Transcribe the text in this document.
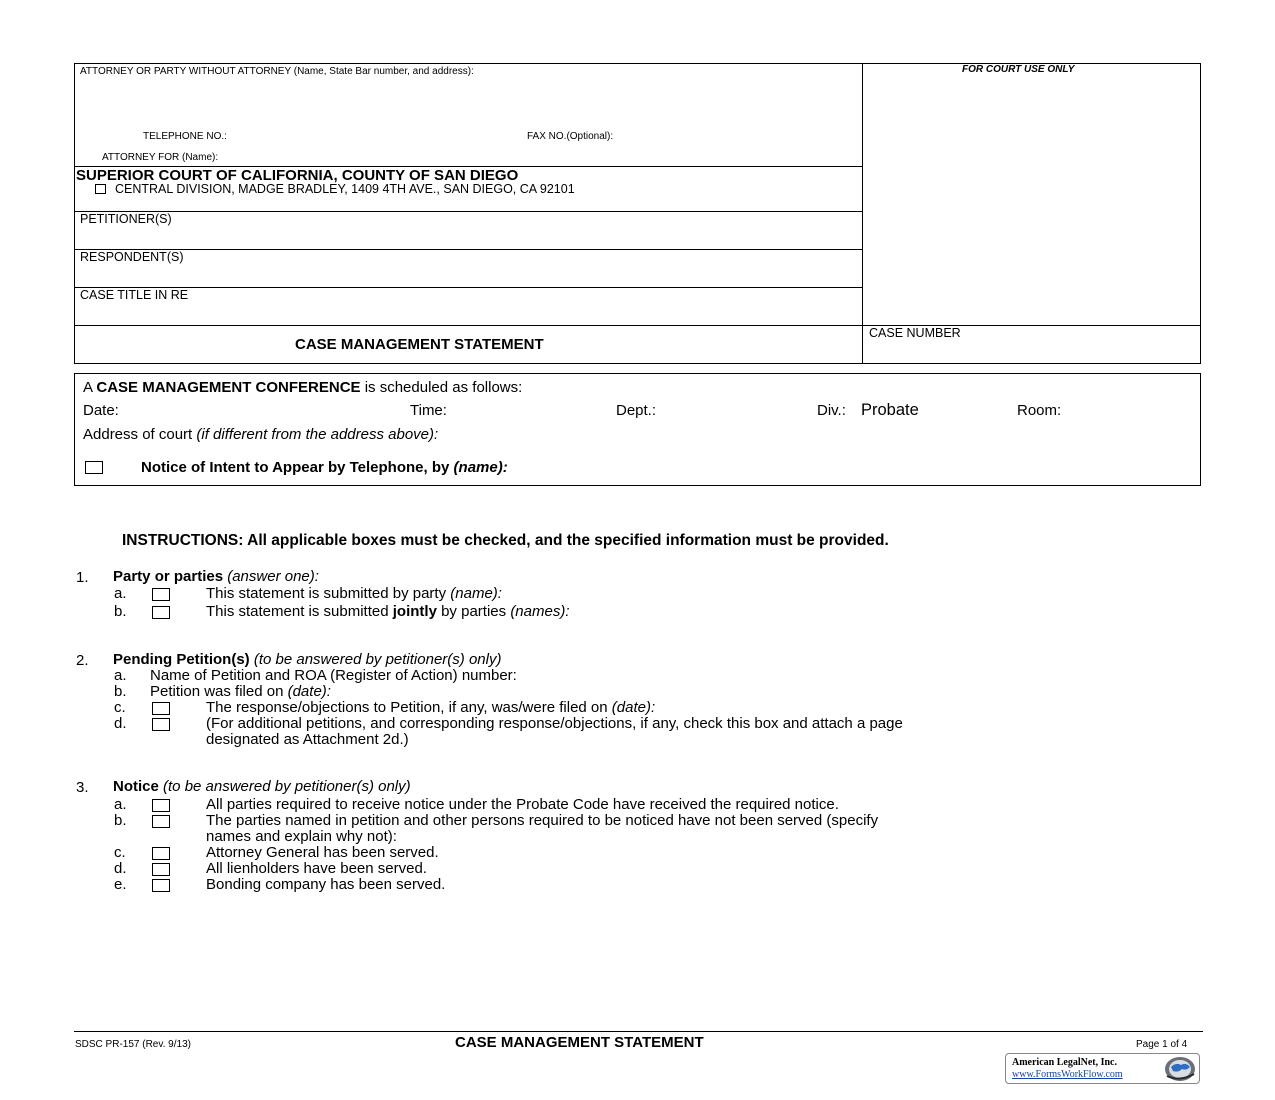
ATTORNEY OR PARTY WITHOUT ATTORNEY (Name, State Bar number, and address):	FOR COURT USE ONLY
TELEPHONE NO.:	FAX NO.(Optional):
ATTORNEY FOR (Name):
SUPERIOR COURT OF CALIFORNIA, COUNTY OF SAN DIEGO
CENTRAL DIVISION, MADGE BRADLEY, 1409 4TH AVE., SAN DIEGO, CA 92101
PETITIONER(S)
RESPONDENT(S)
CASE TITLE IN RE
CASE MANAGEMENT STATEMENT
CASE NUMBER
A CASE MANAGEMENT CONFERENCE is scheduled as follows:
Date:	Time:	Dept.:	Div.: Probate	Room:
Address of court (if different from the address above):
Notice of Intent to Appear by Telephone, by (name):
INSTRUCTIONS: All applicable boxes must be checked, and the specified information must be provided.
1. Party or parties (answer one):
a.	This statement is submitted by party (name):
b.	This statement is submitted jointly by parties (names):
2. Pending Petition(s) (to be answered by petitioner(s) only)
a. Name of Petition and ROA (Register of Action) number:
b. Petition was filed on (date):
c.	The response/objections to Petition, if any, was/were filed on (date):
d.	(For additional petitions, and corresponding response/objections, if any, check this box and attach a page
designated as Attachment 2d.)
3. Notice (to be answered by petitioner(s) only)
a.	All parties required to receive notice under the Probate Code have received the required notice.
b.	The parties named in petition and other persons required to be noticed have not been served (specify
names and explain why not):
c.	Attorney General has been served.
d.	All lienholders have been served.
e.	Bonding company has been served.
SDSC PR-157 (Rev. 9/13)	CASE MANAGEMENT STATEMENT	Page 1 of 4
American LegalNet, Inc.
www.FormsWorkFlow.com
